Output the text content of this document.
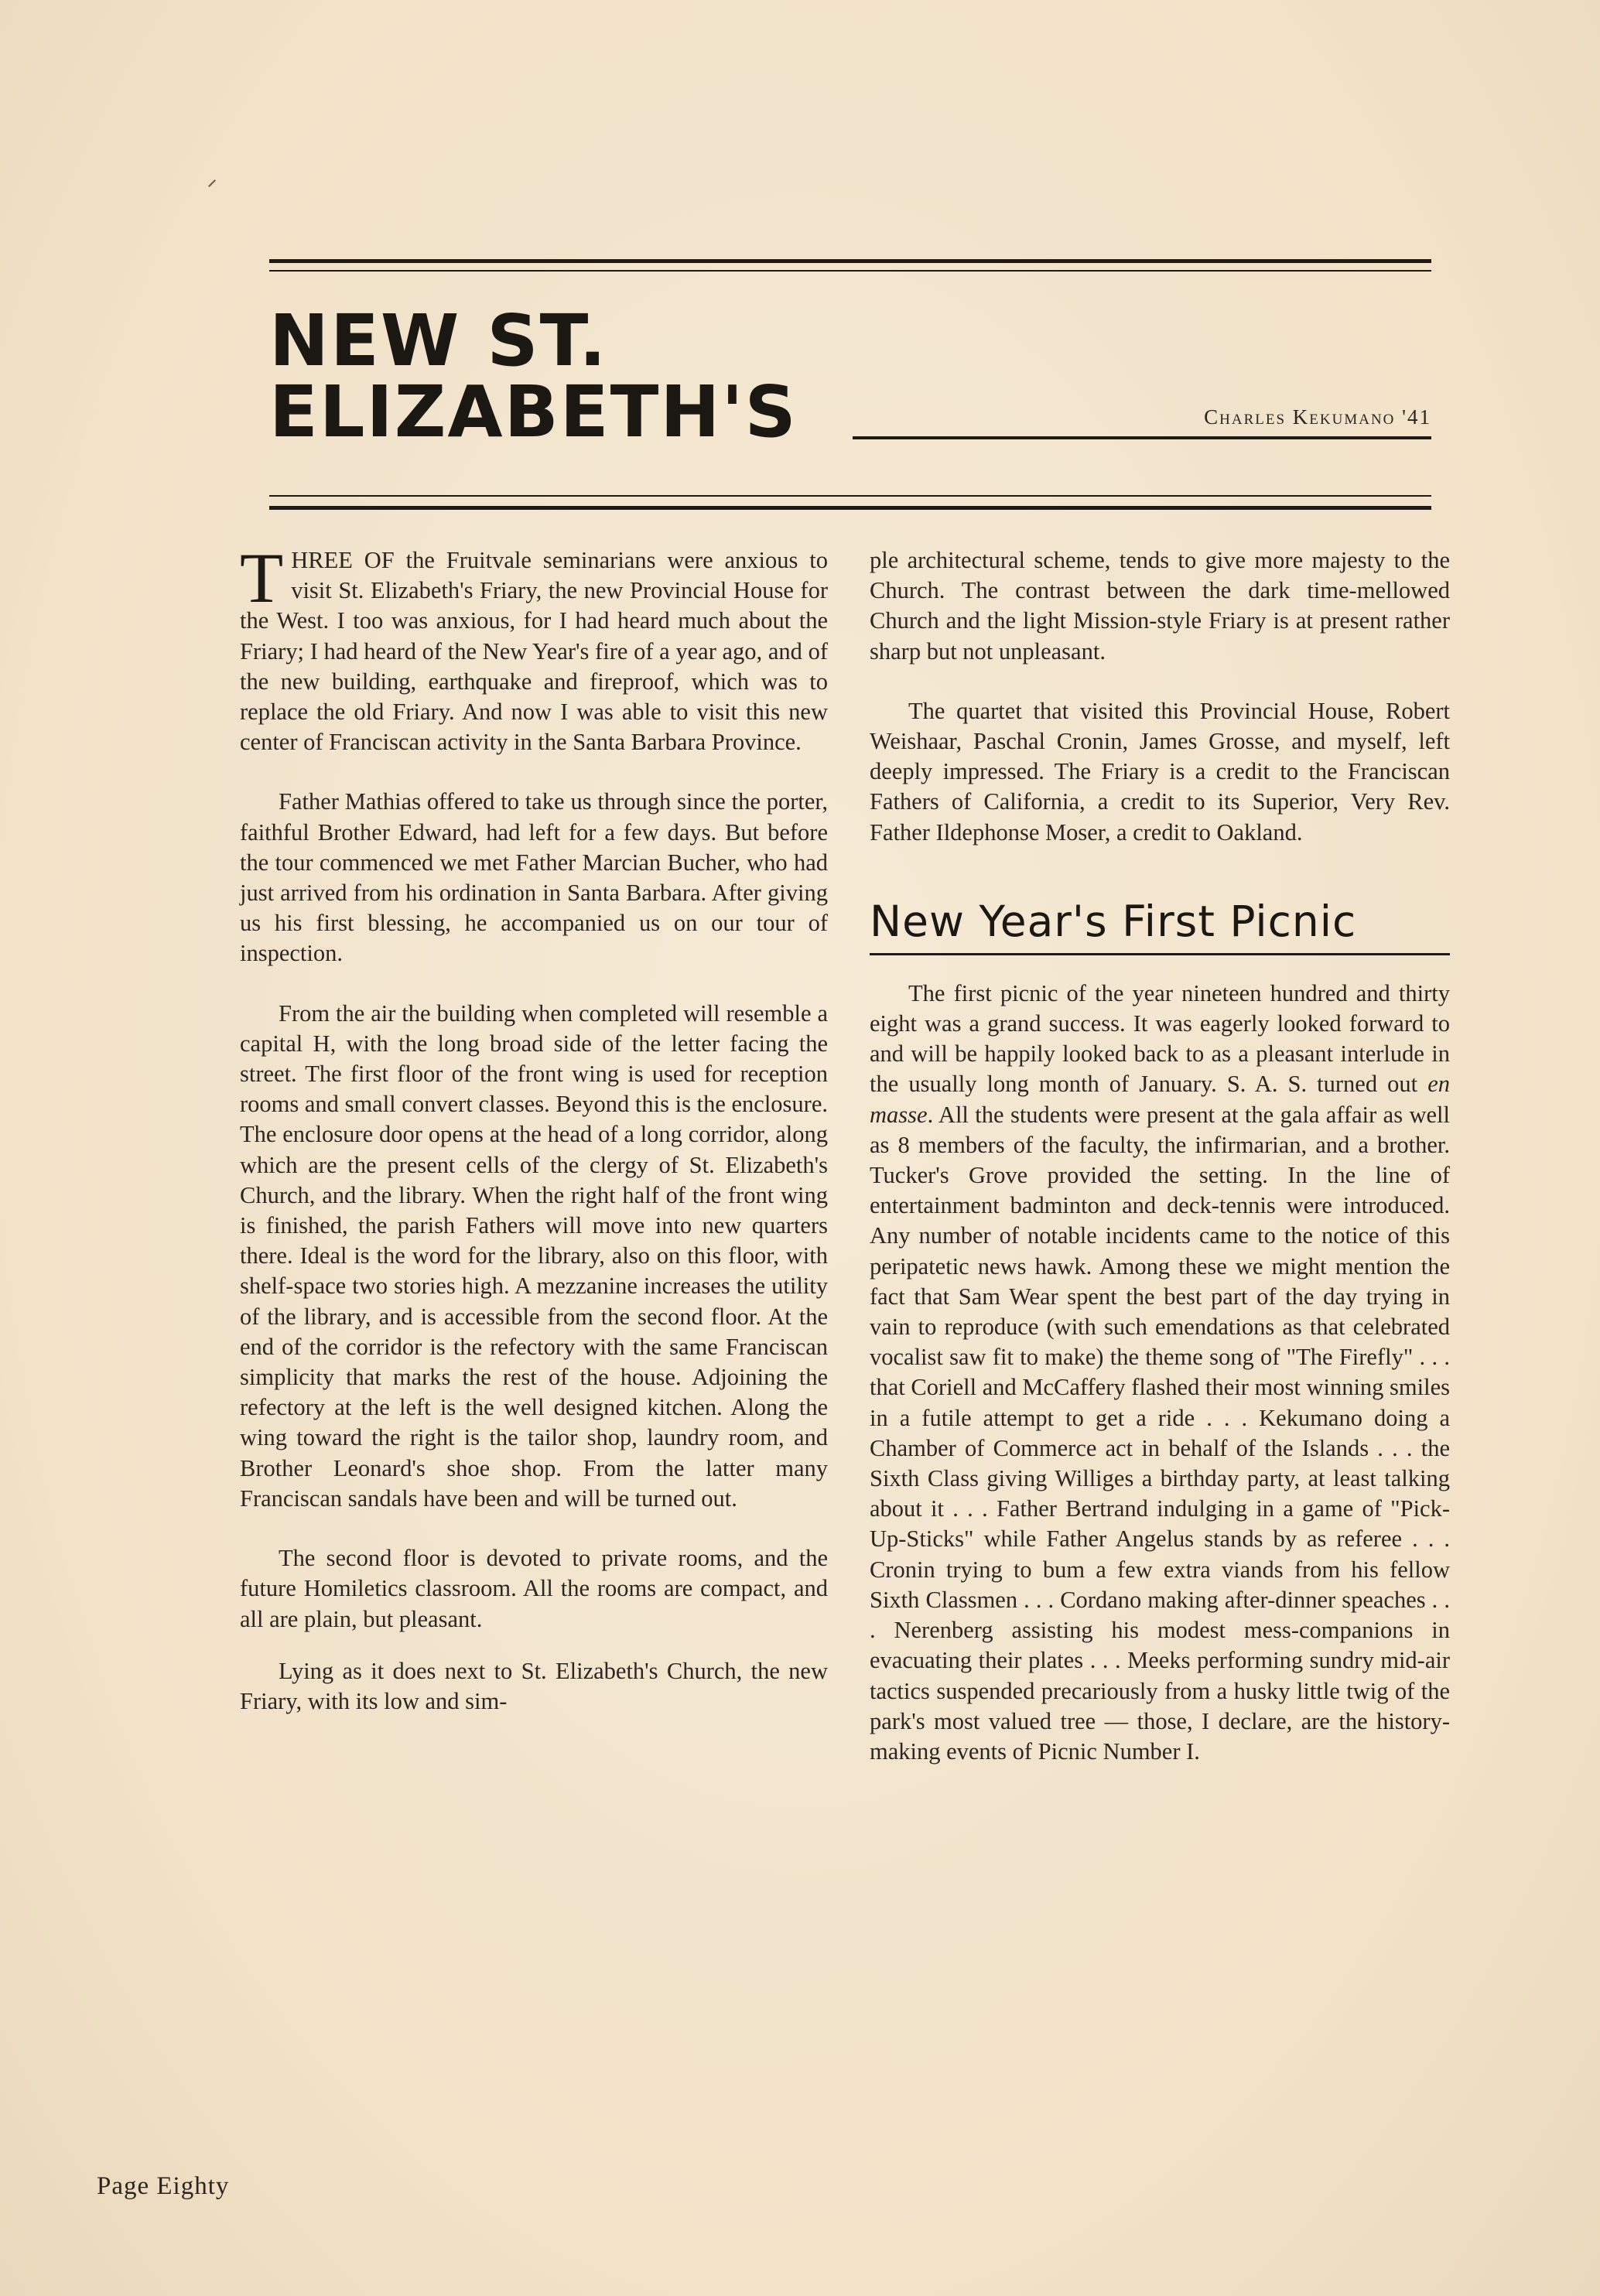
NEW ST. ELIZABETH'S	Charles Kekumano '41

THREE OF the Fruitvale seminarians were anxious to visit St. Elizabeth's Friary, the new Provincial House for the West. I too was anxious, for I had heard much about the Friary; I had heard of the New Year's fire of a year ago, and of the new building, earthquake and fireproof, which was to replace the old Friary. And now I was able to visit this new center of Franciscan activity in the Santa Barbara Province.

Father Mathias offered to take us through since the porter, faithful Brother Edward, had left for a few days. But before the tour commenced we met Father Marcian Bucher, who had just arrived from his ordination in Santa Barbara. After giving us his first blessing, he accompanied us on our tour of inspection.

From the air the building when completed will resemble a capital H, with the long broad side of the letter facing the street. The first floor of the front wing is used for reception rooms and small convert classes. Beyond this is the enclosure. The enclosure door opens at the head of a long corridor, along which are the present cells of the clergy of St. Elizabeth's Church, and the library. When the right half of the front wing is finished, the parish Fathers will move into new quarters there. Ideal is the word for the library, also on this floor, with shelf-space two stories high. A mezzanine increases the utility of the library, and is accessible from the second floor. At the end of the corridor is the refectory with the same Franciscan simplicity that marks the rest of the house. Adjoining the refectory at the left is the well designed kitchen. Along the wing toward the right is the tailor shop, laundry room, and Brother Leonard's shoe shop. From the latter many Franciscan sandals have been and will be turned out.

The second floor is devoted to private rooms, and the future Homiletics classroom. All the rooms are compact, and all are plain, but pleasant.

Lying as it does next to St. Elizabeth's Church, the new Friary, with its low and sim-

ple architectural scheme, tends to give more majesty to the Church. The contrast between the dark time-mellowed Church and the light Mission-style Friary is at present rather sharp but not unpleasant.

The quartet that visited this Provincial House, Robert Weishaar, Paschal Cronin, James Grosse, and myself, left deeply impressed. The Friary is a credit to the Franciscan Fathers of California, a credit to its Superior, Very Rev. Father Ildephonse Moser, a credit to Oakland.

New Year's First Picnic

The first picnic of the year nineteen hundred and thirty eight was a grand success. It was eagerly looked forward to and will be happily looked back to as a pleasant interlude in the usually long month of January. S. A. S. turned out en masse. All the students were present at the gala affair as well as 8 members of the faculty, the infirmarian, and a brother. Tucker's Grove provided the setting. In the line of entertainment badminton and deck-tennis were introduced. Any number of notable incidents came to the notice of this peripatetic news hawk. Among these we might mention the fact that Sam Wear spent the best part of the day trying in vain to reproduce (with such emendations as that celebrated vocalist saw fit to make) the theme song of "The Firefly" . . . that Coriell and McCaffery flashed their most winning smiles in a futile attempt to get a ride . . . Kekumano doing a Chamber of Commerce act in behalf of the Islands . . . the Sixth Class giving Williges a birthday party, at least talking about it . . . Father Bertrand indulging in a game of "Pick-Up-Sticks" while Father Angelus stands by as referee . . . Cronin trying to bum a few extra viands from his fellow Sixth Classmen . . . Cordano making after-dinner speaches . . . Nerenberg assisting his modest mess-companions in evacuating their plates . . . Meeks performing sundry mid-air tactics suspended precariously from a husky little twig of the park's most valued tree — those, I declare, are the history-making events of Picnic Number I.

Page Eighty
